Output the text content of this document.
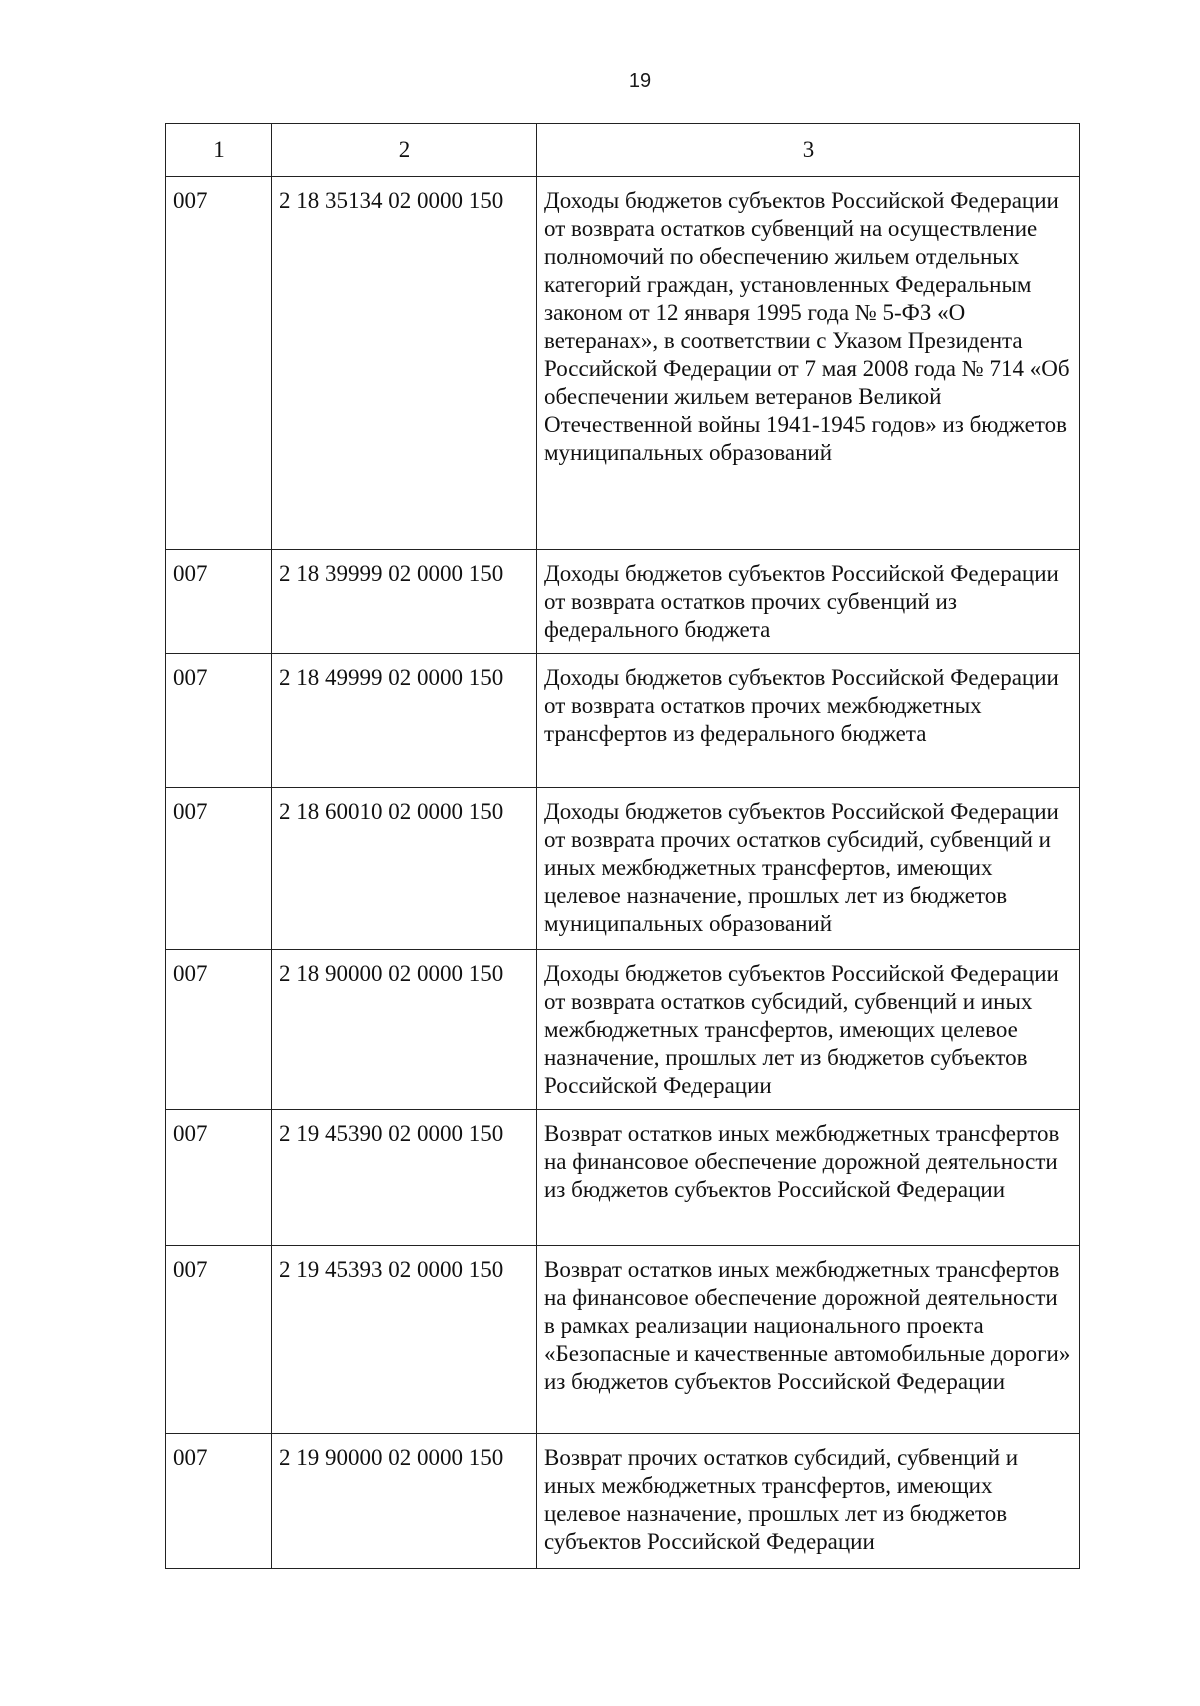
19
1	2	3
007	2 18 35134 02 0000 150	Доходы бюджетов субъектов Российской Федерации от возврата остатков субвенций на осуществление полномочий по обеспечению жильем отдельных категорий граждан, установленных Федеральным законом от 12 января 1995 года № 5-ФЗ «О ветеранах», в соответствии с Указом Президента Российской Федерации от 7 мая 2008 года № 714 «Об обеспечении жильем ветеранов Великой Отечественной войны 1941-1945 годов» из бюджетов муниципальных образований
007	2 18 39999 02 0000 150	Доходы бюджетов субъектов Российской Федерации от возврата остатков прочих субвенций из федерального бюджета
007	2 18 49999 02 0000 150	Доходы бюджетов субъектов Российской Федерации от возврата остатков прочих межбюджетных трансфертов из федерального бюджета
007	2 18 60010 02 0000 150	Доходы бюджетов субъектов Российской Федерации от возврата прочих остатков субсидий, субвенций и иных межбюджетных трансфертов, имеющих целевое назначение, прошлых лет из бюджетов муниципальных образований
007	2 18 90000 02 0000 150	Доходы бюджетов субъектов Российской Федерации от возврата остатков субсидий, субвенций и иных межбюджетных трансфертов, имеющих целевое назначение, прошлых лет из бюджетов субъектов Российской Федерации
007	2 19 45390 02 0000 150	Возврат остатков иных межбюджетных трансфертов на финансовое обеспечение дорожной деятельности из бюджетов субъектов Российской Федерации
007	2 19 45393 02 0000 150	Возврат остатков иных межбюджетных трансфертов на финансовое обеспечение дорожной деятельности в рамках реализации национального проекта «Безопасные и качественные автомобильные дороги» из бюджетов субъектов Российской Федерации
007	2 19 90000 02 0000 150	Возврат прочих остатков субсидий, субвенций и иных межбюджетных трансфертов, имеющих целевое назначение, прошлых лет из бюджетов субъектов Российской Федерации
